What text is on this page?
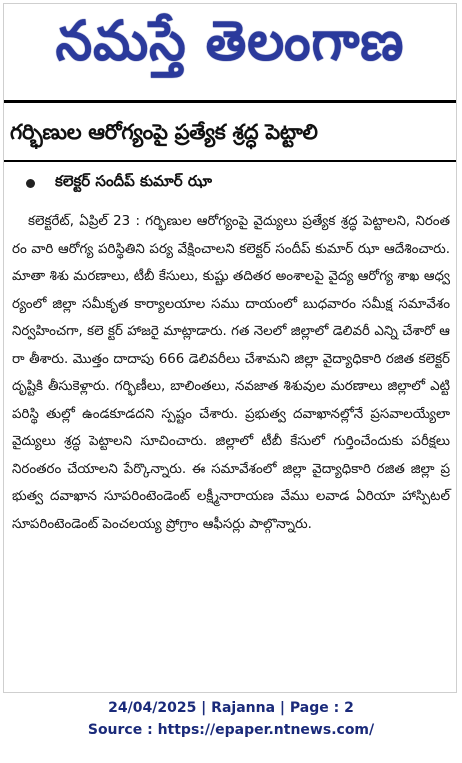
నమస్తే తెలంగాణ
గర్భిణుల ఆరోగ్యంపై ప్రత్యేక శ్రద్ధ పెట్టాలి
కలెక్టర్ సందీప్ కుమార్ ఝా
కలెక్టరేట్, ఏప్రిల్ 23 : గర్భిణుల ఆరోగ్యంపై వైద్యులు ప్రత్యేక శ్రద్ధ పెట్టాలని, నిరంతరం వారి ఆరోగ్య పరిస్థితిని పర్య వేక్షించాలని కలెక్టర్ సందీప్ కుమార్ ఝా ఆదేశించారు. మాతా శిశు మరణాలు, టీబీ కేసులు, కుష్టు తదితర అంశాలపై వైద్య ఆరోగ్య శాఖ ఆధ్వర్యంలో జిల్లా సమీకృత కార్యాలయాల సము దాయంలో బుధవారం సమీక్ష సమావేశం నిర్వహించగా, కలె క్టర్ హాజరై మాట్లాడారు. గత నెలలో జిల్లాలో డెలివరీ ఎన్ని చేశారో ఆరా తీశారు. మొత్తం దాదాపు 666 డెలివరీలు చేశామని జిల్లా వైద్యాధికారి రజిత కలెక్టర్ దృష్టికి తీసుకెళ్లారు. గర్భిణీలు, బాలింతలు, నవజాత శిశువుల మరణాలు జిల్లాలో ఎట్టి పరిస్థి తుల్లో ఉండకూడదని స్పష్టం చేశారు. ప్రభుత్వ దవాఖానల్లోనే ప్రసవాలయ్యేలా వైద్యులు శ్రద్ధ పెట్టాలని సూచించారు. జిల్లాలో టీబీ కేసులో గుర్తించేందుకు పరీక్షలు నిరంతరం చేయాలని పేర్కొన్నారు. ఈ సమావేశంలో జిల్లా వైద్యాధికారి రజిత జిల్లా ప్రభుత్వ దవాఖాన సూపరింటెండెంట్ లక్ష్మీనారాయణ వేము లవాడ ఏరియా హాస్పిటల్ సూపరింటెండెంట్ పెంచలయ్య ప్రోగ్రాం ఆఫీసర్లు పాల్గొన్నారు.
24/04/2025 | Rajanna | Page : 2
Source : https://epaper.ntnews.com/
